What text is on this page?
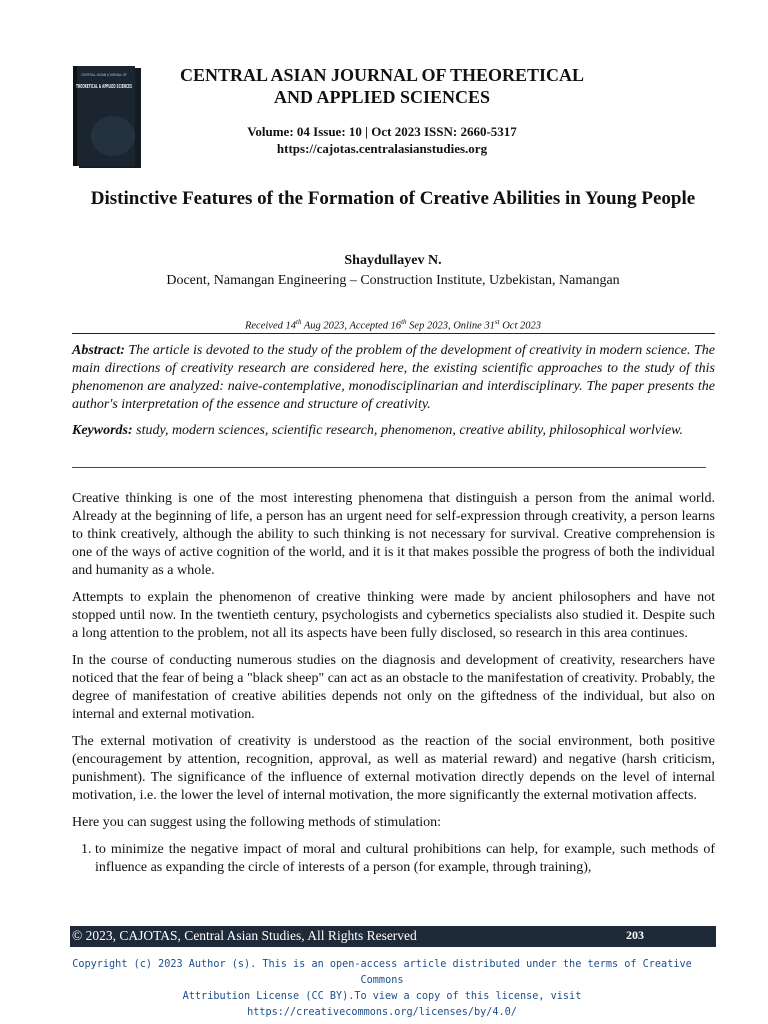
CENTRAL ASIAN JOURNAL OF
THEORETICAL & APPLIED SCIENCES
CENTRAL ASIAN JOURNAL OF THEORETICAL
AND APPLIED SCIENCES
Volume: 04 Issue: 10 | Oct 2023 ISSN: 2660-5317
https://cajotas.centralasianstudies.org
Distinctive Features of the Formation of Creative Abilities in Young People
Shaydullayev N.
Docent, Namangan Engineering – Construction Institute, Uzbekistan, Namangan
Received 14th Aug 2023, Accepted 16th Sep 2023, Online 31st Oct 2023
Abstract: The article is devoted to the study of the problem of the development of creativity in modern science. The main directions of creativity research are considered here, the existing scientific approaches to the study of this phenomenon are analyzed: naive-contemplative, monodisciplinarian and interdisciplinary. The paper presents the author's interpretation of the essence and structure of creativity.
Keywords: study, modern sciences, scientific research, phenomenon, creative ability, philosophical worlview.

Creative thinking is one of the most interesting phenomena that distinguish a person from the animal world. Already at the beginning of life, a person has an urgent need for self-expression through creativity, a person learns to think creatively, although the ability to such thinking is not necessary for survival. Creative comprehension is one of the ways of active cognition of the world, and it is it that makes possible the progress of both the individual and humanity as a whole.

Attempts to explain the phenomenon of creative thinking were made by ancient philosophers and have not stopped until now. In the twentieth century, psychologists and cybernetics specialists also studied it. Despite such a long attention to the problem, not all its aspects have been fully disclosed, so research in this area continues.

In the course of conducting numerous studies on the diagnosis and development of creativity, researchers have noticed that the fear of being a "black sheep" can act as an obstacle to the manifestation of creativity. Probably, the degree of manifestation of creative abilities depends not only on the giftedness of the individual, but also on internal and external motivation.

The external motivation of creativity is understood as the reaction of the social environment, both positive (encouragement by attention, recognition, approval, as well as material reward) and negative (harsh criticism, punishment). The significance of the influence of external motivation directly depends on the level of internal motivation, i.e. the lower the level of internal motivation, the more significantly the external motivation affects.

Here you can suggest using the following methods of stimulation:

1. to minimize the negative impact of moral and cultural prohibitions can help, for example, such methods of influence as expanding the circle of interests of a person (for example, through training),
© 2023, CAJOTAS, Central Asian Studies, All Rights Reserved	203
Copyright (c) 2023 Author (s). This is an open-access article distributed under the terms of Creative Commons
Attribution License (CC BY).To view a copy of this license, visit https://creativecommons.org/licenses/by/4.0/
